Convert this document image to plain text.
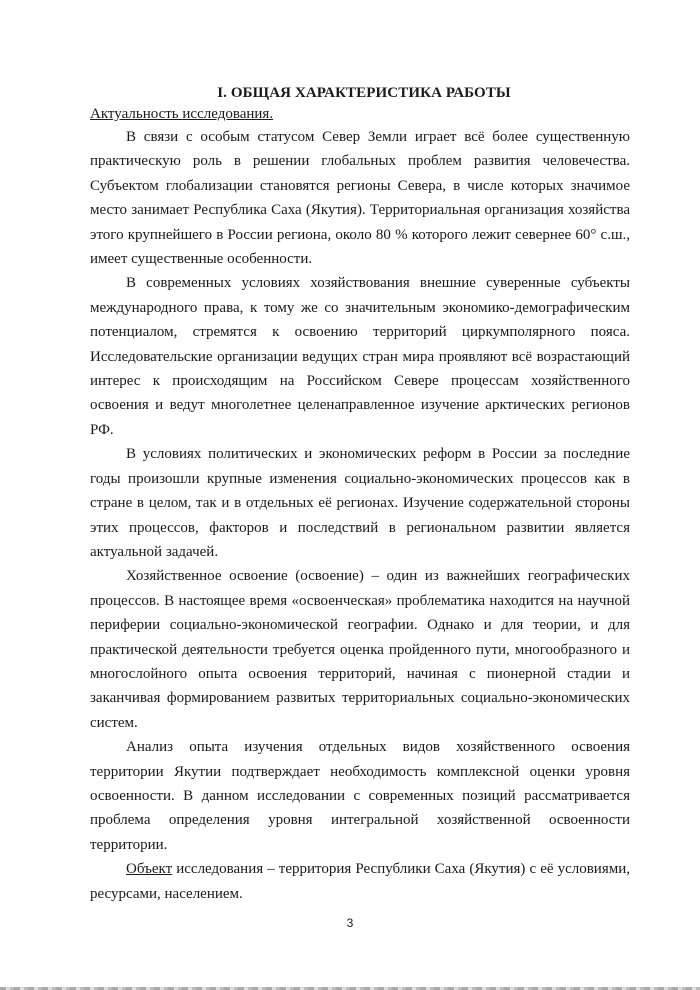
I. ОБЩАЯ ХАРАКТЕРИСТИКА РАБОТЫ
Актуальность исследования.

В связи с особым статусом Север Земли играет всё более существенную практическую роль в решении глобальных проблем развития человечества. Субъектом глобализации становятся регионы Севера, в числе которых значимое место занимает Республика Саха (Якутия). Территориальная организация хозяйства этого крупнейшего в России региона, около 80 % которого лежит севернее 60° с.ш., имеет существенные особенности.

В современных условиях хозяйствования внешние суверенные субъекты международного права, к тому же со значительным экономико-демографическим потенциалом, стремятся к освоению территорий циркумполярного пояса. Исследовательские организации ведущих стран мира проявляют всё возрастающий интерес к происходящим на Российском Севере процессам хозяйственного освоения и ведут многолетнее целенаправленное изучение арктических регионов РФ.

В условиях политических и экономических реформ в России за последние годы произошли крупные изменения социально-экономических процессов как в стране в целом, так и в отдельных её регионах. Изучение содержательной стороны этих процессов, факторов и последствий в региональном развитии является актуальной задачей.

Хозяйственное освоение (освоение) – один из важнейших географических процессов. В настоящее время «освоенческая» проблематика находится на научной периферии социально-экономической географии. Однако и для теории, и для практической деятельности требуется оценка пройденного пути, многообразного и многослойного опыта освоения территорий, начиная с пионерной стадии и заканчивая формированием развитых территориальных социально-экономических систем.

Анализ опыта изучения отдельных видов хозяйственного освоения территории Якутии подтверждает необходимость комплексной оценки уровня освоенности. В данном исследовании с современных позиций рассматривается проблема определения уровня интегральной хозяйственной освоенности территории.

Объект исследования – территория Республики Саха (Якутия) с её условиями, ресурсами, населением.

3
